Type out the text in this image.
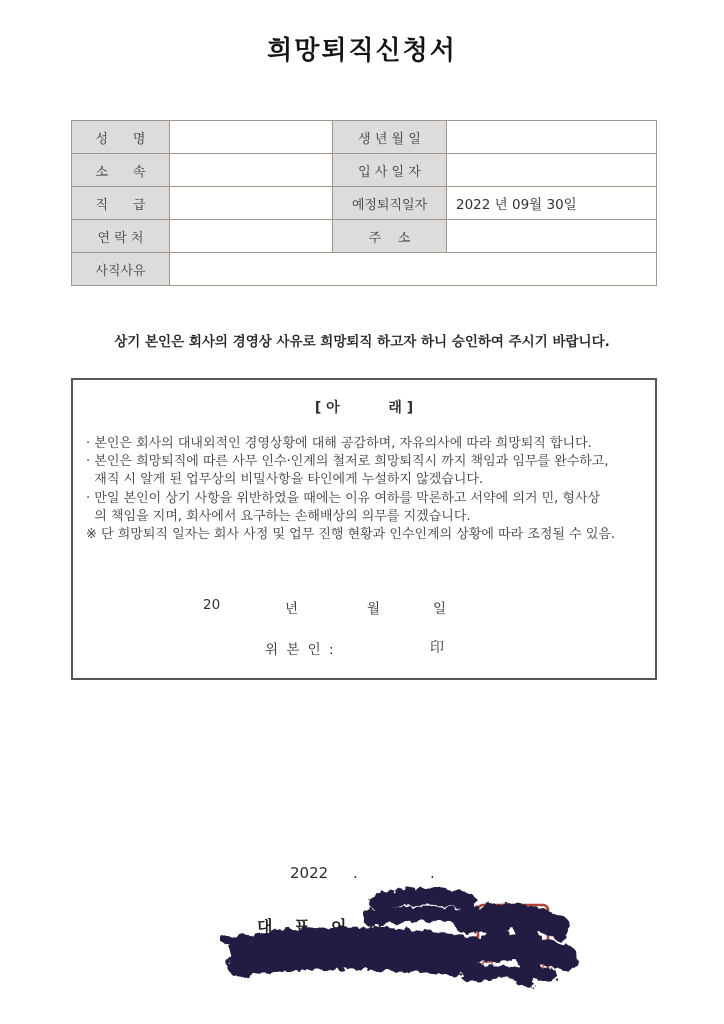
희망퇴직신청서
성      명		생 년 월 일	
소      속		입 사 일 자	
직      급		예정퇴직일자	2022 년 09월 30일
연 락 처		주    소	
사직사유			
상기 본인은 회사의 경영상 사유로 희망퇴직 하고자 하니 승인하여 주시기 바랍니다.
[ 아          래 ]
· 본인은 회사의 대내외적인 경영상황에 대해 공감하며, 자유의사에 따라 희망퇴직 합니다.
· 본인은 희망퇴직에 따른 사무 인수·인계의 철저로 희망퇴직시 까지 책임과 임무를 완수하고,
재직 시 알게 된 업무상의 비밀사항을 타인에게 누설하지 않겠습니다.
· 만일 본인이 상기 사항을 위반하였을 때에는 이유 여하를 막론하고 서약에 의거 민, 형사상
의 책임을 지며, 회사에서 요구하는 손해배상의 의무를 지겠습니다.
※ 단 희망퇴직 일자는 회사 사정 및 업무 진행 현황과 인수인계의 상황에 따라 조정될 수 있음.
20	년	월	일
위 본 인 :	印
2022 .	.
대 표 이 사
